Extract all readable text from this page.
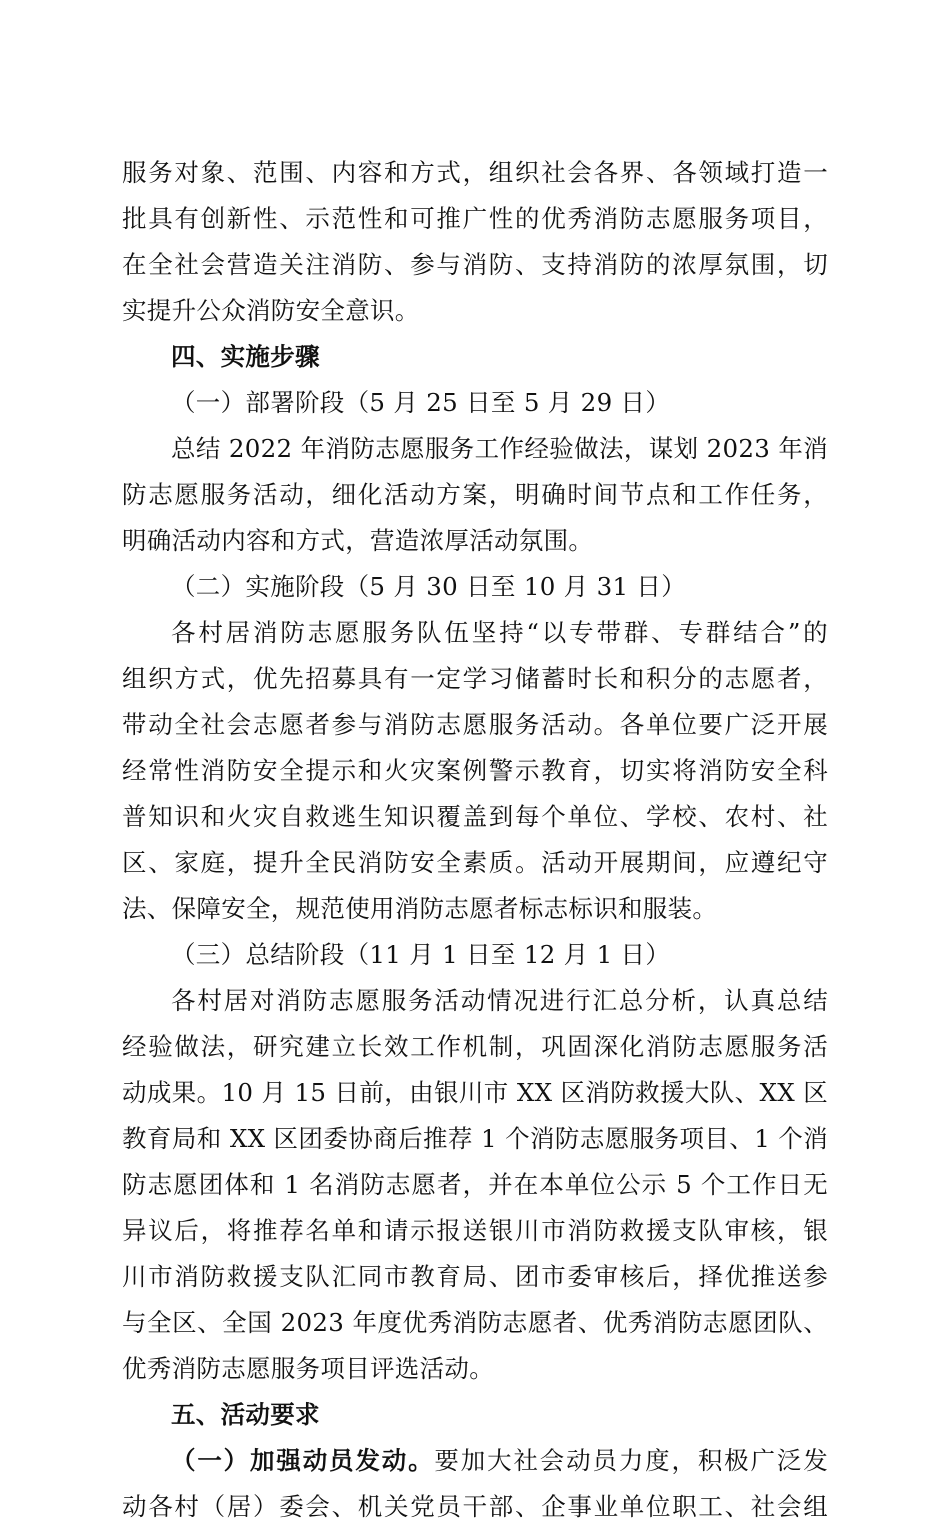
服务对象、范围、内容和方式，组织社会各界、各领域打造一
批具有创新性、示范性和可推广性的优秀消防志愿服务项目，
在全社会营造关注消防、参与消防、支持消防的浓厚氛围，切
实提升公众消防安全意识。
四、实施步骤
（一）部署阶段（5 月 25 日至 5 月 29 日）
总结 2022 年消防志愿服务工作经验做法，谋划 2023 年消
防志愿服务活动，细化活动方案，明确时间节点和工作任务，
明确活动内容和方式，营造浓厚活动氛围。
（二）实施阶段（5 月 30 日至 10 月 31 日）
各村居消防志愿服务队伍坚持“以专带群、专群结合”的
组织方式，优先招募具有一定学习储蓄时长和积分的志愿者，
带动全社会志愿者参与消防志愿服务活动。各单位要广泛开展
经常性消防安全提示和火灾案例警示教育，切实将消防安全科
普知识和火灾自救逃生知识覆盖到每个单位、学校、农村、社
区、家庭，提升全民消防安全素质。活动开展期间，应遵纪守
法、保障安全，规范使用消防志愿者标志标识和服装。
（三）总结阶段（11 月 1 日至 12 月 1 日）
各村居对消防志愿服务活动情况进行汇总分析，认真总结
经验做法，研究建立长效工作机制，巩固深化消防志愿服务活
动成果。10 月 15 日前，由银川市 XX 区消防救援大队、XX 区
教育局和 XX 区团委协商后推荐 1 个消防志愿服务项目、1 个消
防志愿团体和 1 名消防志愿者，并在本单位公示 5 个工作日无
异议后，将推荐名单和请示报送银川市消防救援支队审核，银
川市消防救援支队汇同市教育局、团市委审核后，择优推送参
与全区、全国 2023 年度优秀消防志愿者、优秀消防志愿团队、
优秀消防志愿服务项目评选活动。
五、活动要求
（一）加强动员发动。要加大社会动员力度，积极广泛发
动各村（居）委会、机关党员干部、企事业单位职工、社会组
